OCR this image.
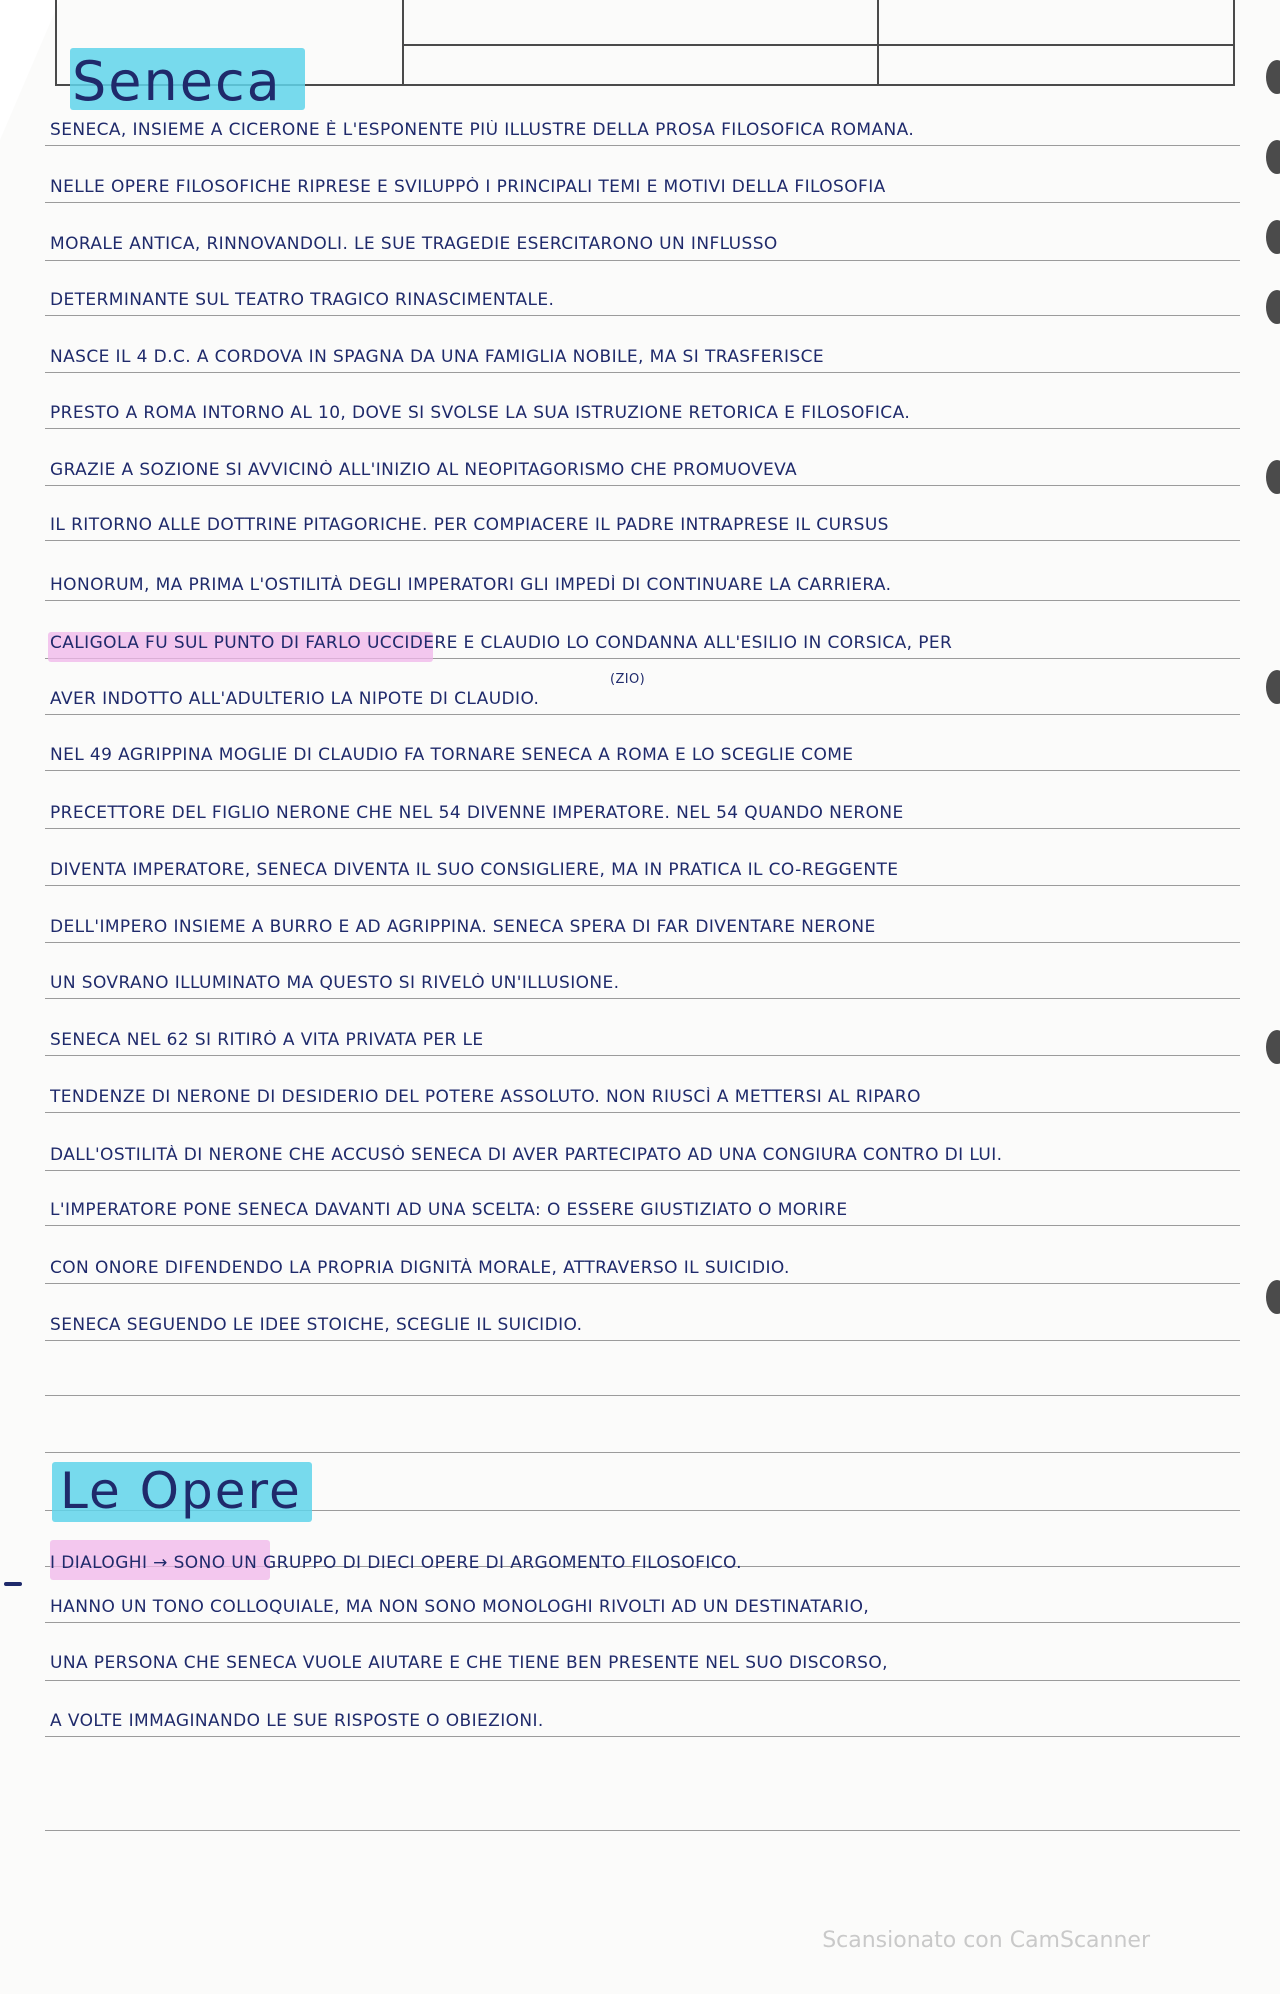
Seneca
SENECA, INSIEME A CICERONE È L'ESPONENTE PIÙ ILLUSTRE DELLA PROSA FILOSOFICA ROMANA.
NELLE OPERE FILOSOFICHE RIPRESE E SVILUPPÒ I PRINCIPALI TEMI E MOTIVI DELLA FILOSOFIA
MORALE ANTICA, RINNOVANDOLI. LE SUE TRAGEDIE ESERCITARONO UN INFLUSSO
DETERMINANTE SUL TEATRO TRAGICO RINASCIMENTALE.
NASCE IL 4 D.C. A CORDOVA IN SPAGNA DA UNA FAMIGLIA NOBILE, MA SI TRASFERISCE
PRESTO A ROMA INTORNO AL 10, DOVE SI SVOLSE LA SUA ISTRUZIONE RETORICA E FILOSOFICA.
GRAZIE A SOZIONE SI AVVICINÒ ALL'INIZIO AL NEOPITAGORISMO CHE PROMUOVEVA
IL RITORNO ALLE DOTTRINE PITAGORICHE. PER COMPIACERE IL PADRE INTRAPRESE IL CURSUS
HONORUM, MA PRIMA L'OSTILITÀ DEGLI IMPERATORI GLI IMPEDÌ DI CONTINUARE LA CARRIERA.
CALIGOLA FU SUL PUNTO DI FARLO UCCIDERE E CLAUDIO LO CONDANNA ALL'ESILIO IN CORSICA, PER
(ZIO)
AVER INDOTTO ALL'ADULTERIO LA NIPOTE DI CLAUDIO.
NEL 49 AGRIPPINA MOGLIE DI CLAUDIO FA TORNARE SENECA A ROMA E LO SCEGLIE COME
PRECETTORE DEL FIGLIO NERONE CHE NEL 54 DIVENNE IMPERATORE. NEL 54 QUANDO NERONE
DIVENTA IMPERATORE, SENECA DIVENTA IL SUO CONSIGLIERE, MA IN PRATICA IL CO-REGGENTE
DELL'IMPERO INSIEME A BURRO E AD AGRIPPINA. SENECA SPERA DI FAR DIVENTARE NERONE
UN SOVRANO ILLUMINATO MA QUESTO SI RIVELÒ UN'ILLUSIONE.
SENECA NEL 62 SI RITIRÒ A VITA PRIVATA PER LE
TENDENZE DI NERONE DI DESIDERIO DEL POTERE ASSOLUTO. NON RIUSCÌ A METTERSI AL RIPARO
DALL'OSTILITÀ DI NERONE CHE ACCUSÒ SENECA DI AVER PARTECIPATO AD UNA CONGIURA CONTRO DI LUI.
L'IMPERATORE PONE SENECA DAVANTI AD UNA SCELTA: O ESSERE GIUSTIZIATO O MORIRE
CON ONORE DIFENDENDO LA PROPRIA DIGNITÀ MORALE, ATTRAVERSO IL SUICIDIO.
SENECA SEGUENDO LE IDEE STOICHE, SCEGLIE IL SUICIDIO.
Le Opere
I DIALOGHI → SONO UN GRUPPO DI DIECI OPERE DI ARGOMENTO FILOSOFICO.
HANNO UN TONO COLLOQUIALE, MA NON SONO MONOLOGHI RIVOLTI AD UN DESTINATARIO,
UNA PERSONA CHE SENECA VUOLE AIUTARE E CHE TIENE BEN PRESENTE NEL SUO DISCORSO,
A VOLTE IMMAGINANDO LE SUE RISPOSTE O OBIEZIONI.
Scansionato con CamScanner
